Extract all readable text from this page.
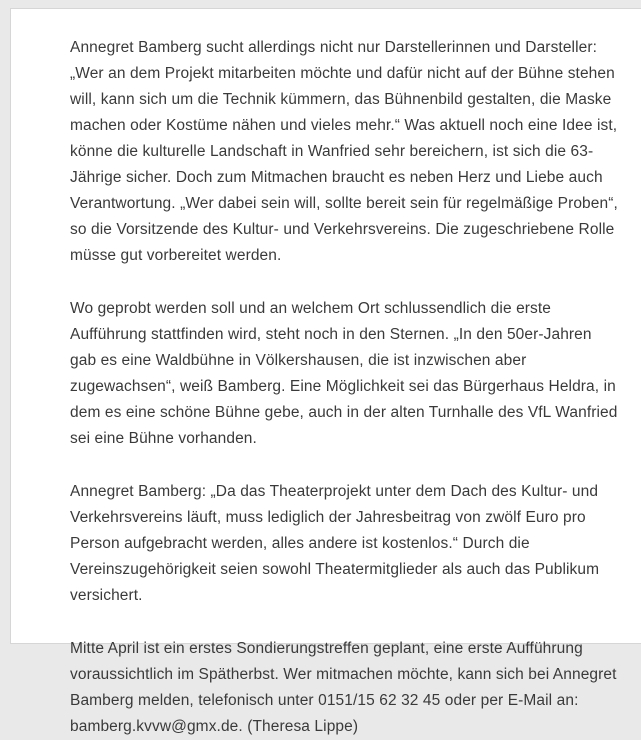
Annegret Bamberg sucht allerdings nicht nur Darstellerinnen und Darsteller: „Wer an dem Projekt mitarbeiten möchte und dafür nicht auf der Bühne stehen will, kann sich um die Technik kümmern, das Bühnenbild gestalten, die Maske machen oder Kostüme nähen und vieles mehr.“ Was aktuell noch eine Idee ist, könne die kulturelle Landschaft in Wanfried sehr bereichern, ist sich die 63-Jährige sicher. Doch zum Mitmachen braucht es neben Herz und Liebe auch Verantwortung. „Wer dabei sein will, sollte bereit sein für regelmäßige Proben“, so die Vorsitzende des Kultur- und Verkehrsvereins. Die zugeschriebene Rolle müsse gut vorbereitet werden.

Wo geprobt werden soll und an welchem Ort schlussendlich die erste Aufführung stattfinden wird, steht noch in den Sternen. „In den 50er-Jahren gab es eine Waldbühne in Völkershausen, die ist inzwischen aber zugewachsen“, weiß Bamberg. Eine Möglichkeit sei das Bürgerhaus Heldra, in dem es eine schöne Bühne gebe, auch in der alten Turnhalle des VfL Wanfried sei eine Bühne vorhanden.

Annegret Bamberg: „Da das Theaterprojekt unter dem Dach des Kultur- und Verkehrsvereins läuft, muss lediglich der Jahresbeitrag von zwölf Euro pro Person aufgebracht werden, alles andere ist kostenlos.“ Durch die Vereinszugehörigkeit seien sowohl Theatermitglieder als auch das Publikum versichert.

Mitte April ist ein erstes Sondierungstreffen geplant, eine erste Aufführung voraussichtlich im Spätherbst. Wer mitmachen möchte, kann sich bei Annegret Bamberg melden, telefonisch unter 0151/15 62 32 45 oder per E-Mail an: bamberg.kvvw@gmx.de. (Theresa Lippe)
